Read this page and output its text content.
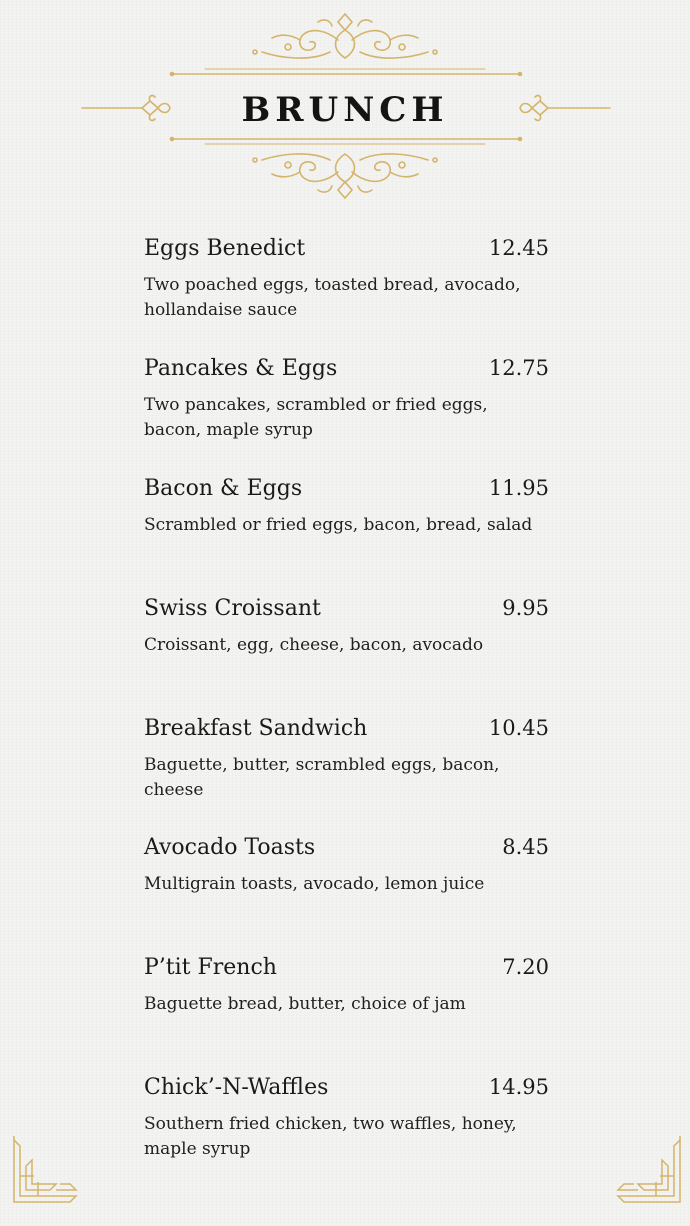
BRUNCH
Eggs Benedict	12.45
Two poached eggs, toasted bread, avocado, hollandaise sauce
Pancakes & Eggs	12.75
Two pancakes, scrambled or fried eggs, bacon, maple syrup
Bacon & Eggs	11.95
Scrambled or fried eggs, bacon, bread, salad
Swiss Croissant	9.95
Croissant, egg, cheese, bacon, avocado
Breakfast Sandwich	10.45
Baguette, butter, scrambled eggs, bacon, cheese
Avocado Toasts	8.45
Multigrain toasts, avocado, lemon juice
P’tit French	7.20
Baguette bread, butter, choice of jam
Chick’-N-Waffles	14.95
Southern fried chicken, two waffles, honey, maple syrup
